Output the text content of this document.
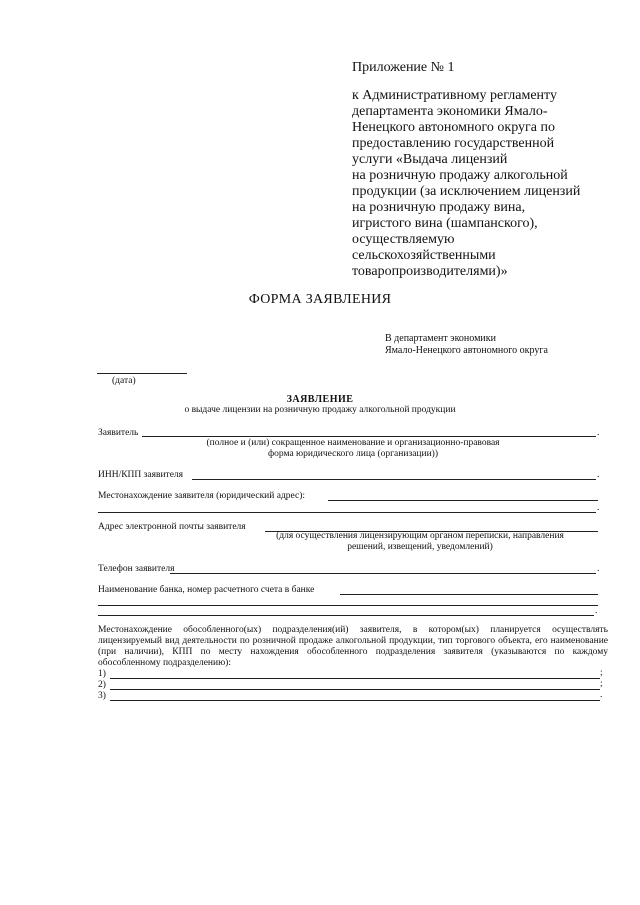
Приложение № 1
к Административному регламенту
департамента экономики Ямало-
Ненецкого автономного округа по
предоставлению государственной
услуги «Выдача лицензий
на розничную продажу алкогольной
продукции (за исключением лицензий
на розничную продажу вина,
игристого вина (шампанского),
осуществляемую
сельскохозяйственными
товаропроизводителями)»
ФОРМА ЗАЯВЛЕНИЯ
В департамент экономики
Ямало-Ненецкого автономного округа
(дата)
ЗАЯВЛЕНИЕ
о выдаче лицензии на розничную продажу алкогольной продукции
Заявитель	.
(полное и (или) сокращенное наименование и организационно-правовая
форма юридического лица (организации))
ИНН/КПП заявителя	.
Местонахождение заявителя (юридический адрес):
.
Адрес электронной почты заявителя
(для осуществления лицензирующим органом переписки, направления
решений, извещений, уведомлений)
Телефон заявителя	.
Наименование банка, номер расчетного счета в банке
.
Местонахождение обособленного(ых) подразделения(ий) заявителя, в котором(ых) планируется осуществлять лицензируемый вид деятельности по розничной продаже алкогольной продукции, тип торгового объекта, его наименование (при наличии), КПП по месту нахождения обособленного подразделения заявителя (указываются по каждому обособленному подразделению):
1)	;
2)	;
3)	.
